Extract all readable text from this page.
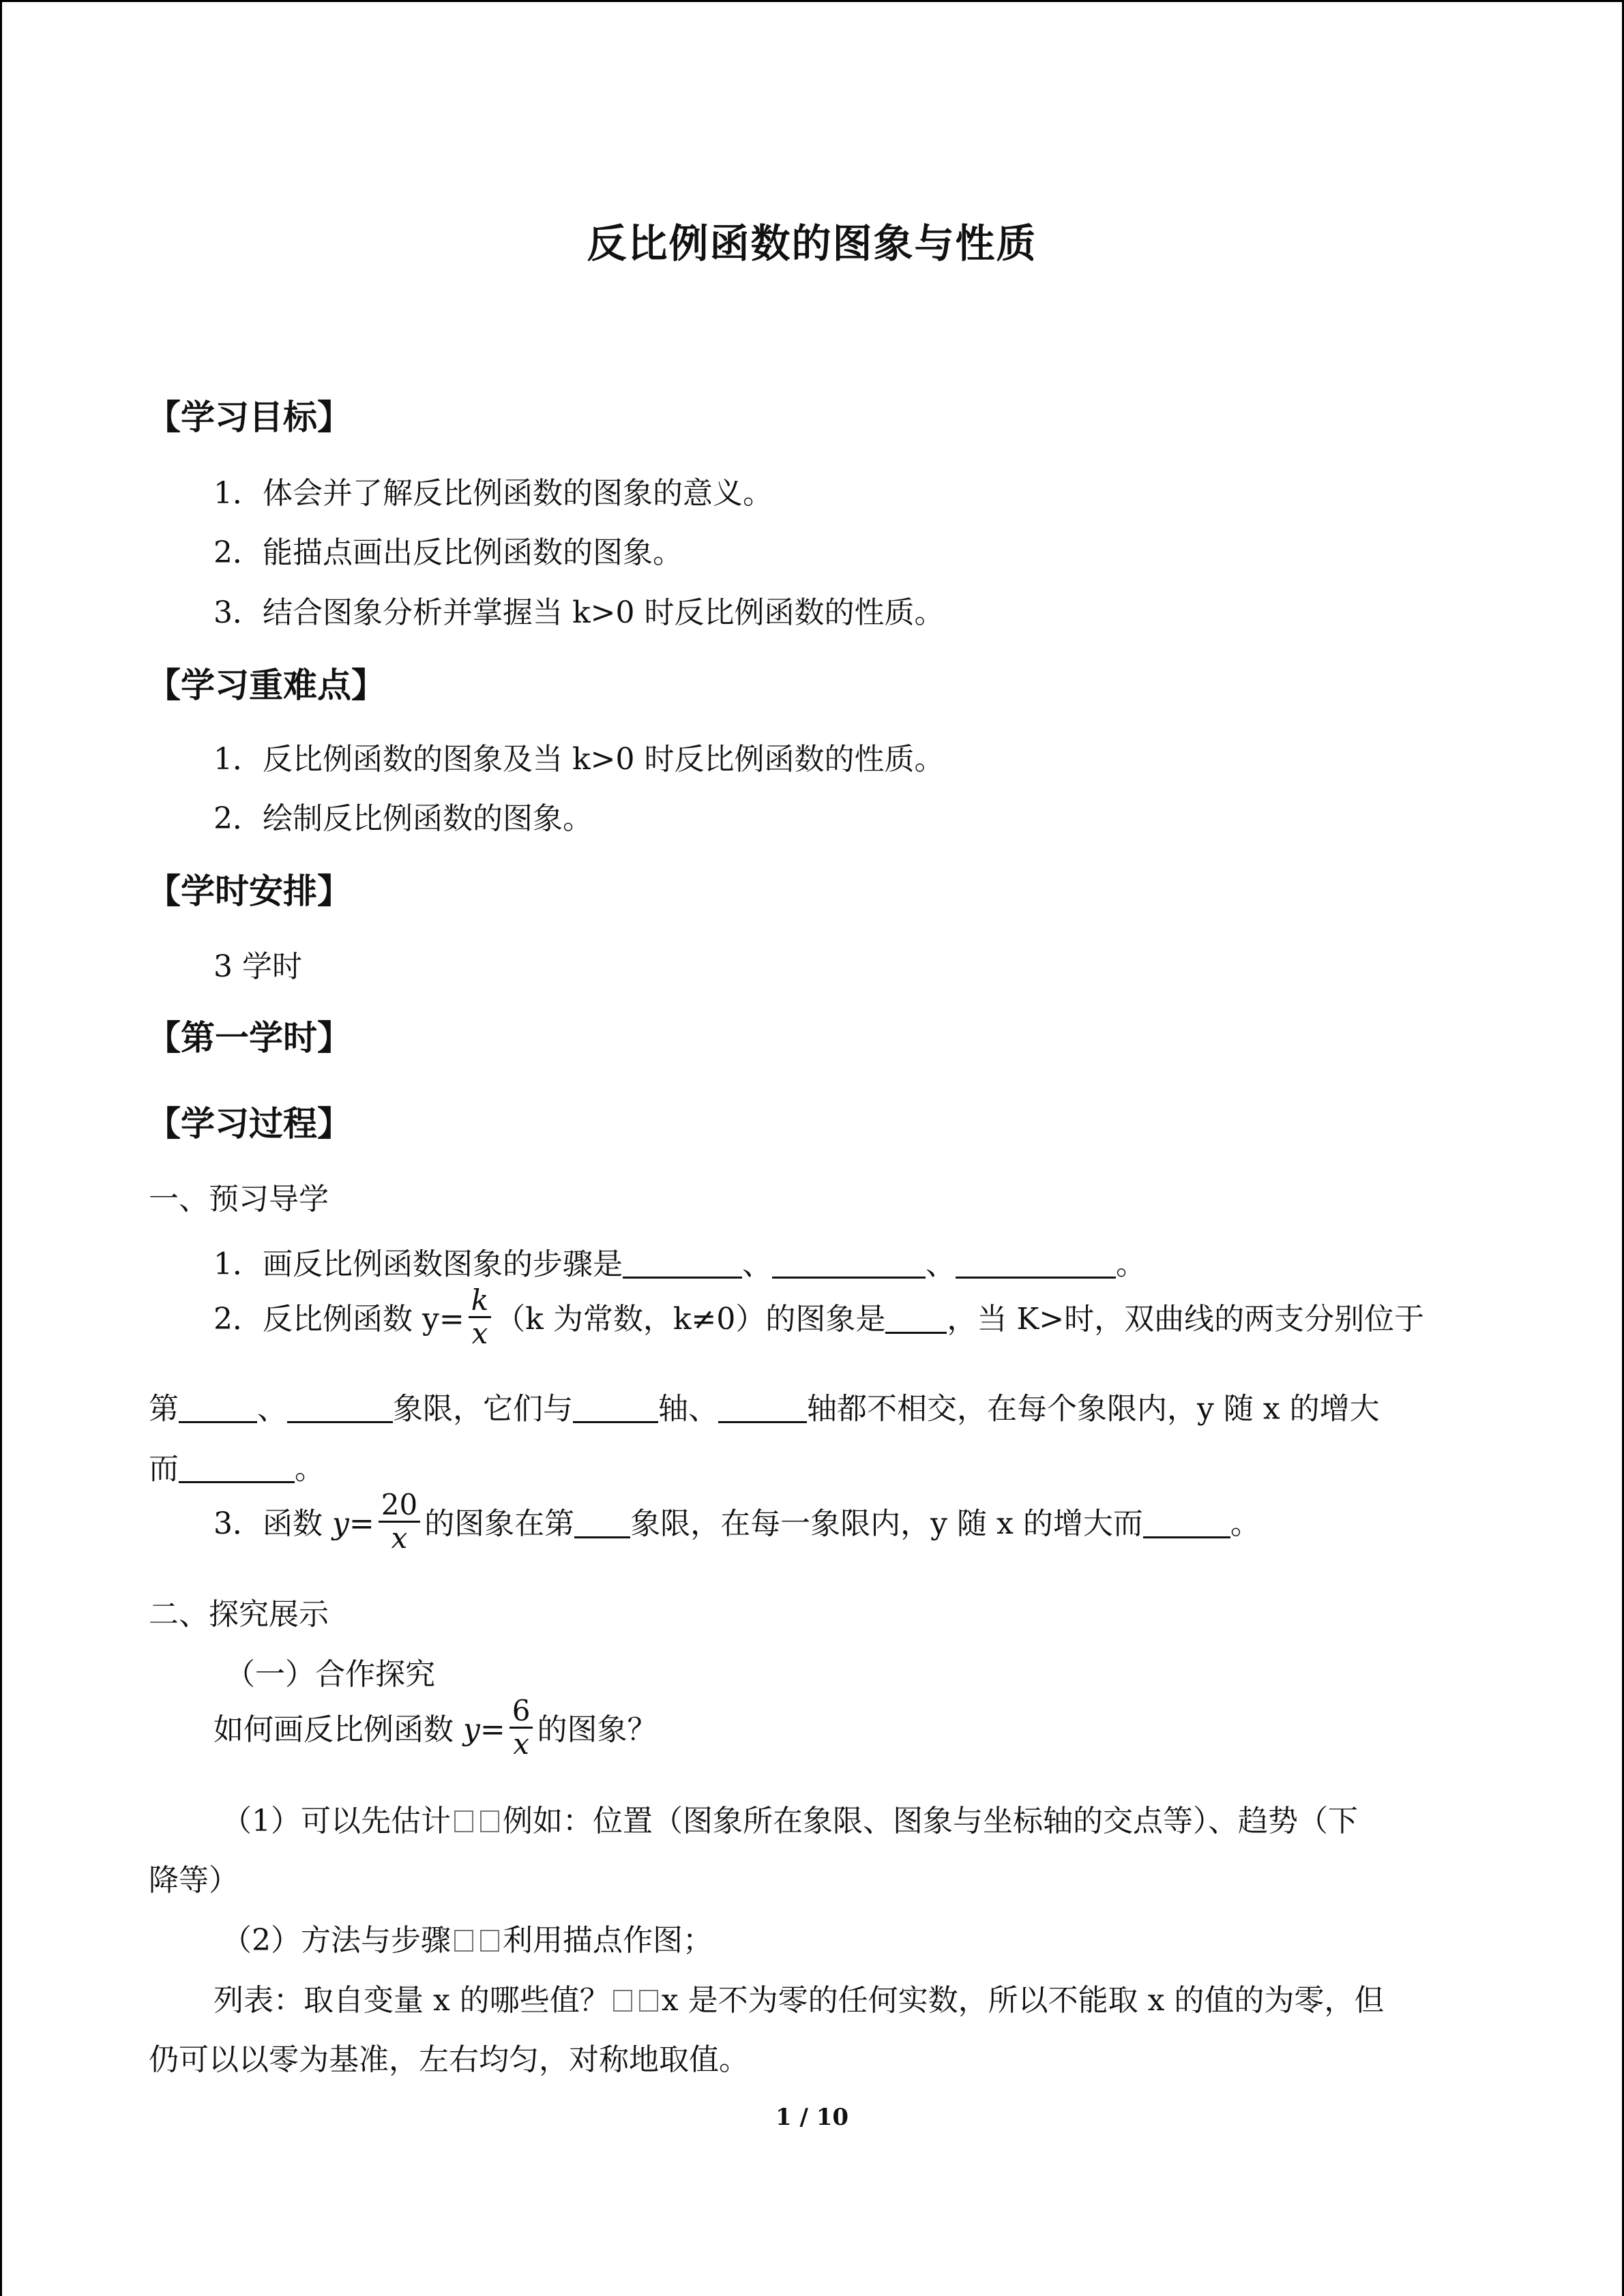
反比例函数的图象与性质
【学习目标】
1．体会并了解反比例函数的图象的意义。
2．能描点画出反比例函数的图象。
3．结合图象分析并掌握当 k>0 时反比例函数的性质。
【学习重难点】
1．反比例函数的图象及当 k>0 时反比例函数的性质。
2．绘制反比例函数的图象。
【学时安排】
3 学时
【第一学时】
【学习过程】
一、预习导学
1．画反比例函数图象的步骤是	、	、	。
2．反比例函数 $y= \frac{k}{x} (k$ 为常数，k≠0）的图象是 ，当 K>时，双曲线的两支分别位于
第	、	象限，它们与	轴、	轴都不相交，在每个象限内，y 随 x 的增大
而	。
3．函数 $y= \frac{20}{x}$ 的图象在第 象限，在每一象限内，y 随 x 的增大而	。
二、探究展示
（一）合作探究
如何画反比例函数 $y= \frac{6}{x}$ 的图象？
（1）可以先估计 例如：位置（图象所在象限、图象与坐标轴的交点等）、趋势（下
降等）
（2）方法与步骤 利用描点作图；
列表：取自变量 x 的哪些值？ x 是不为零的任何实数，所以不能取 x 的值的为零，但
仍可以以零为基准，左右均匀，对称地取值。
1 / 10
